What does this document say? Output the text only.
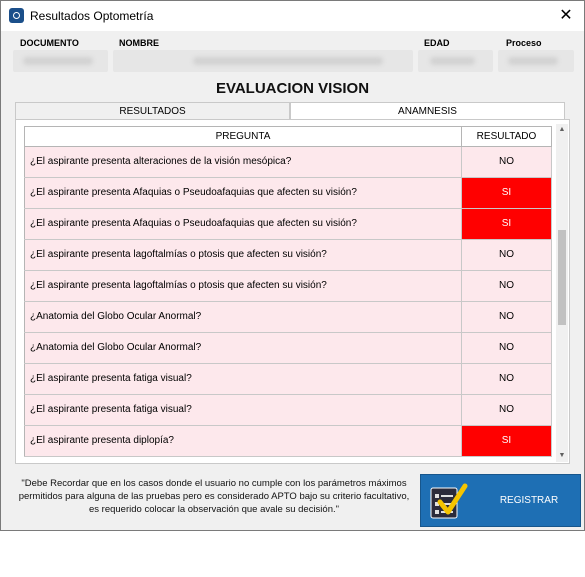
Resultados Optometría	✕
DOCUMENTO	NOMBRE	EDAD	Proceso
EVALUACION VISION
RESULTADOS	ANAMNESIS
PREGUNTA	RESULTADO
¿El aspirante presenta alteraciones de la visión mesópica?	NO
¿El aspirante presenta Afaquias o Pseudoafaquias que afecten su visión?	SI
¿El aspirante presenta Afaquias o Pseudoafaquias que afecten su visión?	SI
¿El aspirante presenta lagoftalmías o ptosis que afecten su visión?	NO
¿El aspirante presenta lagoftalmías o ptosis que afecten su visión?	NO
¿Anatomia del Globo Ocular Anormal?	NO
¿Anatomia del Globo Ocular Anormal?	NO
¿El aspirante presenta fatiga visual?	NO
¿El aspirante presenta fatiga visual?	NO
¿El aspirante presenta diplopía?	SI
▲
▼
"Debe Recordar que en los casos donde el usuario no cumple con los parámetros máximos permitidos para alguna de las pruebas pero es considerado APTO bajo su criterio facultativo, es requerido colocar la observación que avale su decisión."
REGISTRAR CONCEPTO
